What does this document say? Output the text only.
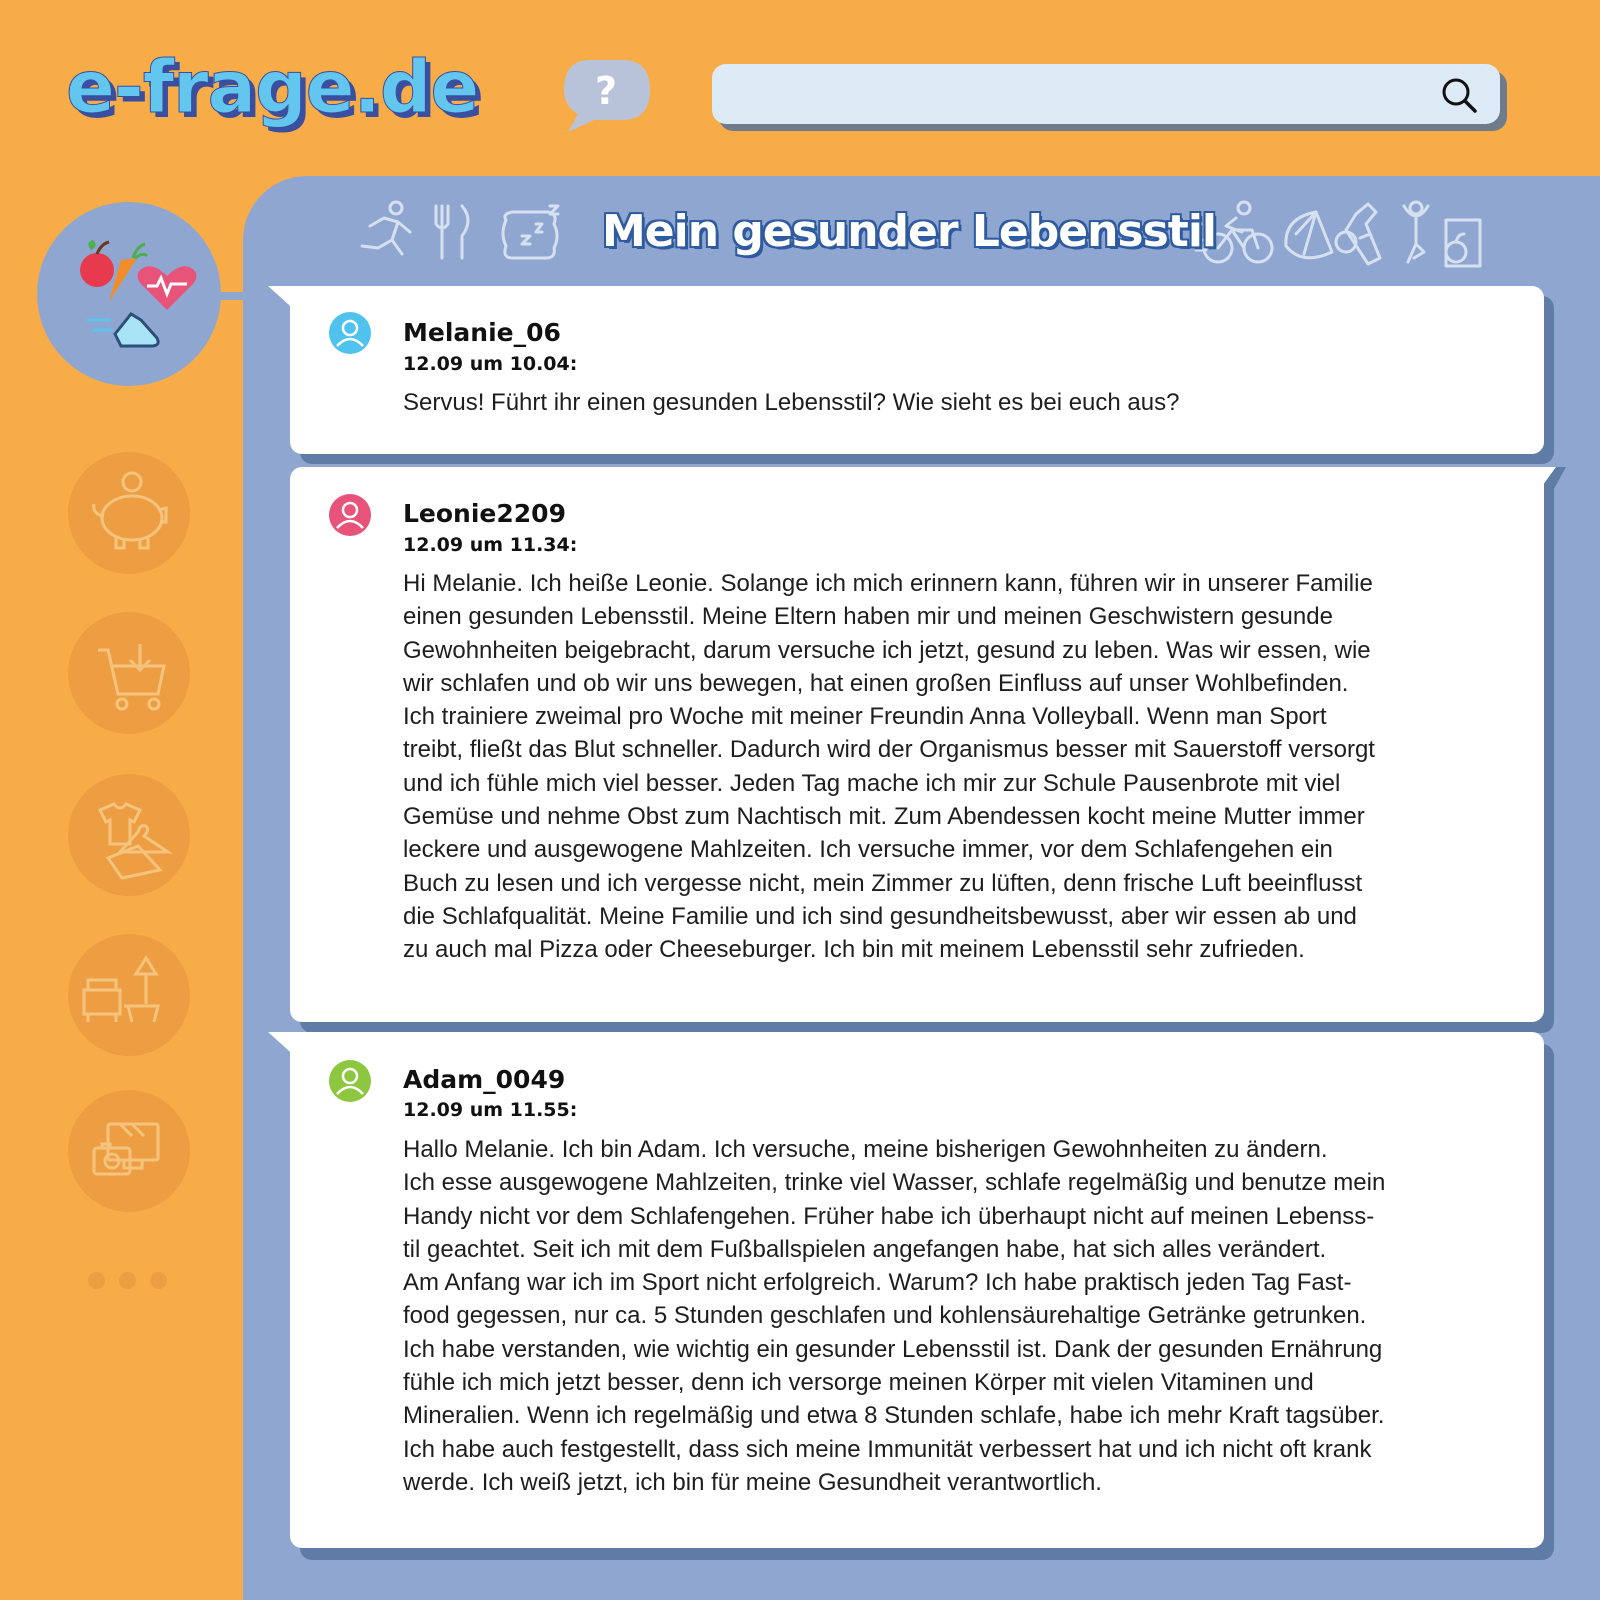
e-frage.de	?
Mein gesunder Lebensstil
Melanie_06
12.09 um 10.04:
Servus! Führt ihr einen gesunden Lebensstil? Wie sieht es bei euch aus?
Leonie2209
12.09 um 11.34:
Hi Melanie. Ich heiße Leonie. Solange ich mich erinnern kann, führen wir in unserer Familie
einen gesunden Lebensstil. Meine Eltern haben mir und meinen Geschwistern gesunde
Gewohnheiten beigebracht, darum versuche ich jetzt, gesund zu leben. Was wir essen, wie
wir schlafen und ob wir uns bewegen, hat einen großen Einfluss auf unser Wohlbefinden.
Ich trainiere zweimal pro Woche mit meiner Freundin Anna Volleyball. Wenn man Sport
treibt, fließt das Blut schneller. Dadurch wird der Organismus besser mit Sauerstoff versorgt
und ich fühle mich viel besser. Jeden Tag mache ich mir zur Schule Pausenbrote mit viel
Gemüse und nehme Obst zum Nachtisch mit. Zum Abendessen kocht meine Mutter immer
leckere und ausgewogene Mahlzeiten. Ich versuche immer, vor dem Schlafengehen ein
Buch zu lesen und ich vergesse nicht, mein Zimmer zu lüften, denn frische Luft beeinflusst
die Schlafqualität. Meine Familie und ich sind gesundheitsbewusst, aber wir essen ab und
zu auch mal Pizza oder Cheeseburger. Ich bin mit meinem Lebensstil sehr zufrieden.
Adam_0049
12.09 um 11.55:
Hallo Melanie. Ich bin Adam. Ich versuche, meine bisherigen Gewohnheiten zu ändern.
Ich esse ausgewogene Mahlzeiten, trinke viel Wasser, schlafe regelmäßig und benutze mein
Handy nicht vor dem Schlafengehen. Früher habe ich überhaupt nicht auf meinen Lebenss-
til geachtet. Seit ich mit dem Fußballspielen angefangen habe, hat sich alles verändert.
Am Anfang war ich im Sport nicht erfolgreich. Warum? Ich habe praktisch jeden Tag Fast-
food gegessen, nur ca. 5 Stunden geschlafen und kohlensäurehaltige Getränke getrunken.
Ich habe verstanden, wie wichtig ein gesunder Lebensstil ist. Dank der gesunden Ernährung
fühle ich mich jetzt besser, denn ich versorge meinen Körper mit vielen Vitaminen und
Mineralien. Wenn ich regelmäßig und etwa 8 Stunden schlafe, habe ich mehr Kraft tagsüber.
Ich habe auch festgestellt, dass sich meine Immunität verbessert hat und ich nicht oft krank
werde. Ich weiß jetzt, ich bin für meine Gesundheit verantwortlich.
